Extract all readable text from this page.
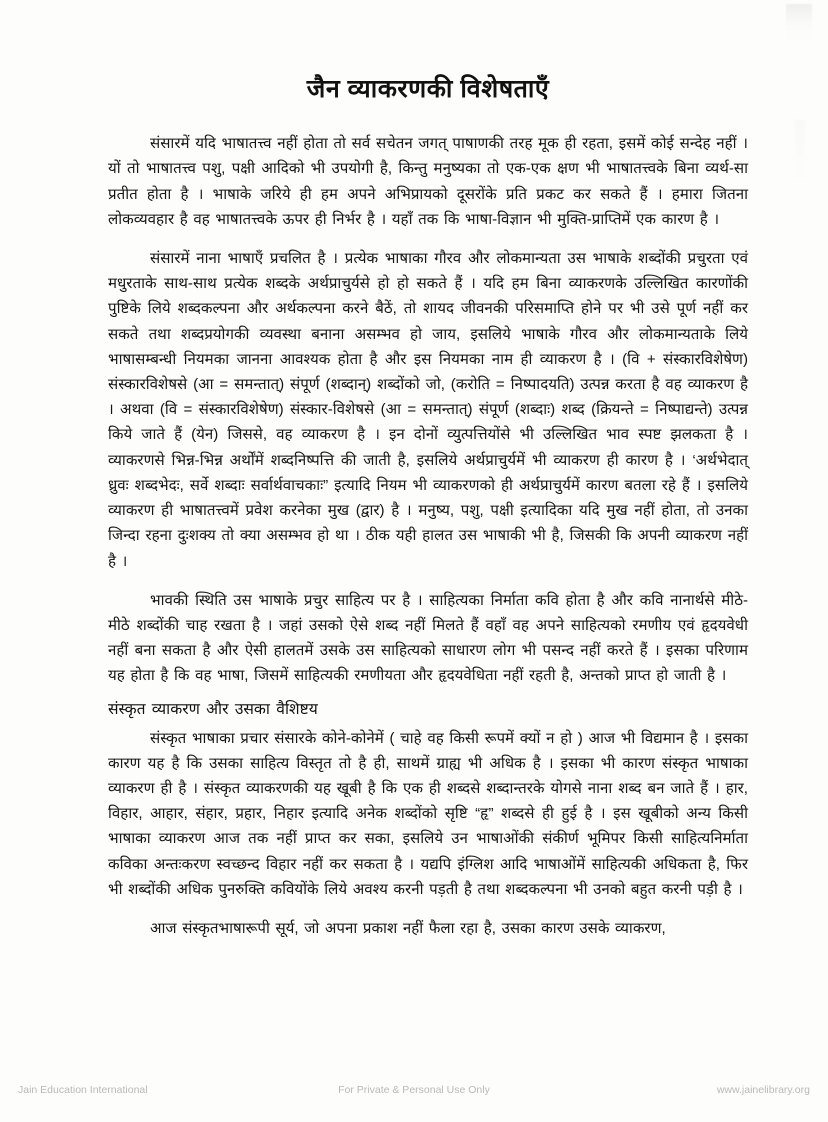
जैन व्याकरणकी विशेषताएँ

संसारमें यदि भाषातत्त्व नहीं होता तो सर्व सचेतन जगत् पाषाणकी तरह मूक ही रहता, इसमें कोई सन्देह नहीं । यों तो भाषातत्त्व पशु, पक्षी आदिको भी उपयोगी है, किन्तु मनुष्यका तो एक-एक क्षण भी भाषातत्त्वके बिना व्यर्थ-सा प्रतीत होता है । भाषाके जरिये ही हम अपने अभिप्रायको दूसरोंके प्रति प्रकट कर सकते हैं । हमारा जितना लोकव्यवहार है वह भाषातत्त्वके ऊपर ही निर्भर है । यहाँ तक कि भाषा-विज्ञान भी मुक्ति-प्राप्तिमें एक कारण है ।

संसारमें नाना भाषाएँ प्रचलित है । प्रत्येक भाषाका गौरव और लोकमान्यता उस भाषाके शब्दोंकी प्रचुरता एवं मधुरताके साथ-साथ प्रत्येक शब्दके अर्थप्राचुर्यसे हो हो सकते हैं । यदि हम बिना व्याकरणके उल्लिखित कारणोंकी पुष्टिके लिये शब्दकल्पना और अर्थकल्पना करने बैठें, तो शायद जीवनकी परिसमाप्ति होने पर भी उसे पूर्ण नहीं कर सकते तथा शब्दप्रयोगकी व्यवस्था बनाना असम्भव हो जाय, इसलिये भाषाके गौरव और लोकमान्यताके लिये भाषासम्बन्धी नियमका जानना आवश्यक होता है और इस नियमका नाम ही व्याकरण है । (वि + संस्कारविशेषेण) संस्कारविशेषसे (आ = समन्तात्) संपूर्ण (शब्दान्) शब्दोंको जो, (करोति = निष्पादयति) उत्पन्न करता है वह व्याकरण है । अथवा (वि = संस्कारविशेषेण) संस्कार-विशेषसे (आ = समन्तात्) संपूर्ण (शब्दाः) शब्द (क्रियन्ते = निष्पाद्यन्ते) उत्पन्न किये जाते हैं (येन) जिससे, वह व्याकरण है । इन दोनों व्युत्पत्तियोंसे भी उल्लिखित भाव स्पष्ट झलकता है । व्याकरणसे भिन्न-भिन्न अर्थोंमें शब्दनिष्पत्ति की जाती है, इसलिये अर्थप्राचुर्यमें भी व्याकरण ही कारण है । ‘अर्थभेदात् ध्रुवः शब्दभेदः, सर्वे शब्दाः सर्वार्थवाचकाः” इत्यादि नियम भी व्याकरणको ही अर्थप्राचुर्यमें कारण बतला रहे हैं । इसलिये व्याकरण ही भाषातत्त्वमें प्रवेश करनेका मुख (द्वार) है । मनुष्य, पशु, पक्षी इत्यादिका यदि मुख नहीं होता, तो उनका जिन्दा रहना दुःशक्य तो क्या असम्भव हो था । ठीक यही हालत उस भाषाकी भी है, जिसकी कि अपनी व्याकरण नहीं है ।

भावकी स्थिति उस भाषाके प्रचुर साहित्य पर है । साहित्यका निर्माता कवि होता है और कवि नानार्थसे मीठे-मीठे शब्दोंकी चाह रखता है । जहां उसको ऐसे शब्द नहीं मिलते हैं वहाँ वह अपने साहित्यको रमणीय एवं हृदयवेधी नहीं बना सकता है और ऐसी हालतमें उसके उस साहित्यको साधारण लोग भी पसन्द नहीं करते हैं । इसका परिणाम यह होता है कि वह भाषा, जिसमें साहित्यकी रमणीयता और हृदयवेधिता नहीं रहती है, अन्तको प्राप्त हो जाती है ।

संस्कृत व्याकरण और उसका वैशिष्टय

संस्कृत भाषाका प्रचार संसारके कोने-कोनेमें ( चाहे वह किसी रूपमें क्यों न हो ) आज भी विद्यमान है । इसका कारण यह है कि उसका साहित्य विस्तृत तो है ही, साथमें ग्राह्य भी अधिक है । इसका भी कारण संस्कृत भाषाका व्याकरण ही है । संस्कृत व्याकरणकी यह खूबी है कि एक ही शब्दसे शब्दान्तरके योगसे नाना शब्द बन जाते हैं । हार, विहार, आहार, संहार, प्रहार, निहार इत्यादि अनेक शब्दोंको सृष्टि “हृ” शब्दसे ही हुई है । इस खूबीको अन्य किसी भाषाका व्याकरण आज तक नहीं प्राप्त कर सका, इसलिये उन भाषाओंकी संकीर्ण भूमिपर किसी साहित्यनिर्माता कविका अन्तःकरण स्वच्छन्द विहार नहीं कर सकता है । यद्यपि इंग्लिश आदि भाषाओंमें साहित्यकी अधिकता है, फिर भी शब्दोंकी अधिक पुनरुक्ति कवियोंके लिये अवश्य करनी पड़ती है तथा शब्दकल्पना भी उनको बहुत करनी पड़ी है ।

आज संस्कृतभाषारूपी सूर्य, जो अपना प्रकाश नहीं फैला रहा है, उसका कारण उसके व्याकरण,

Jain Education International	For Private & Personal Use Only	www.jainelibrary.org
